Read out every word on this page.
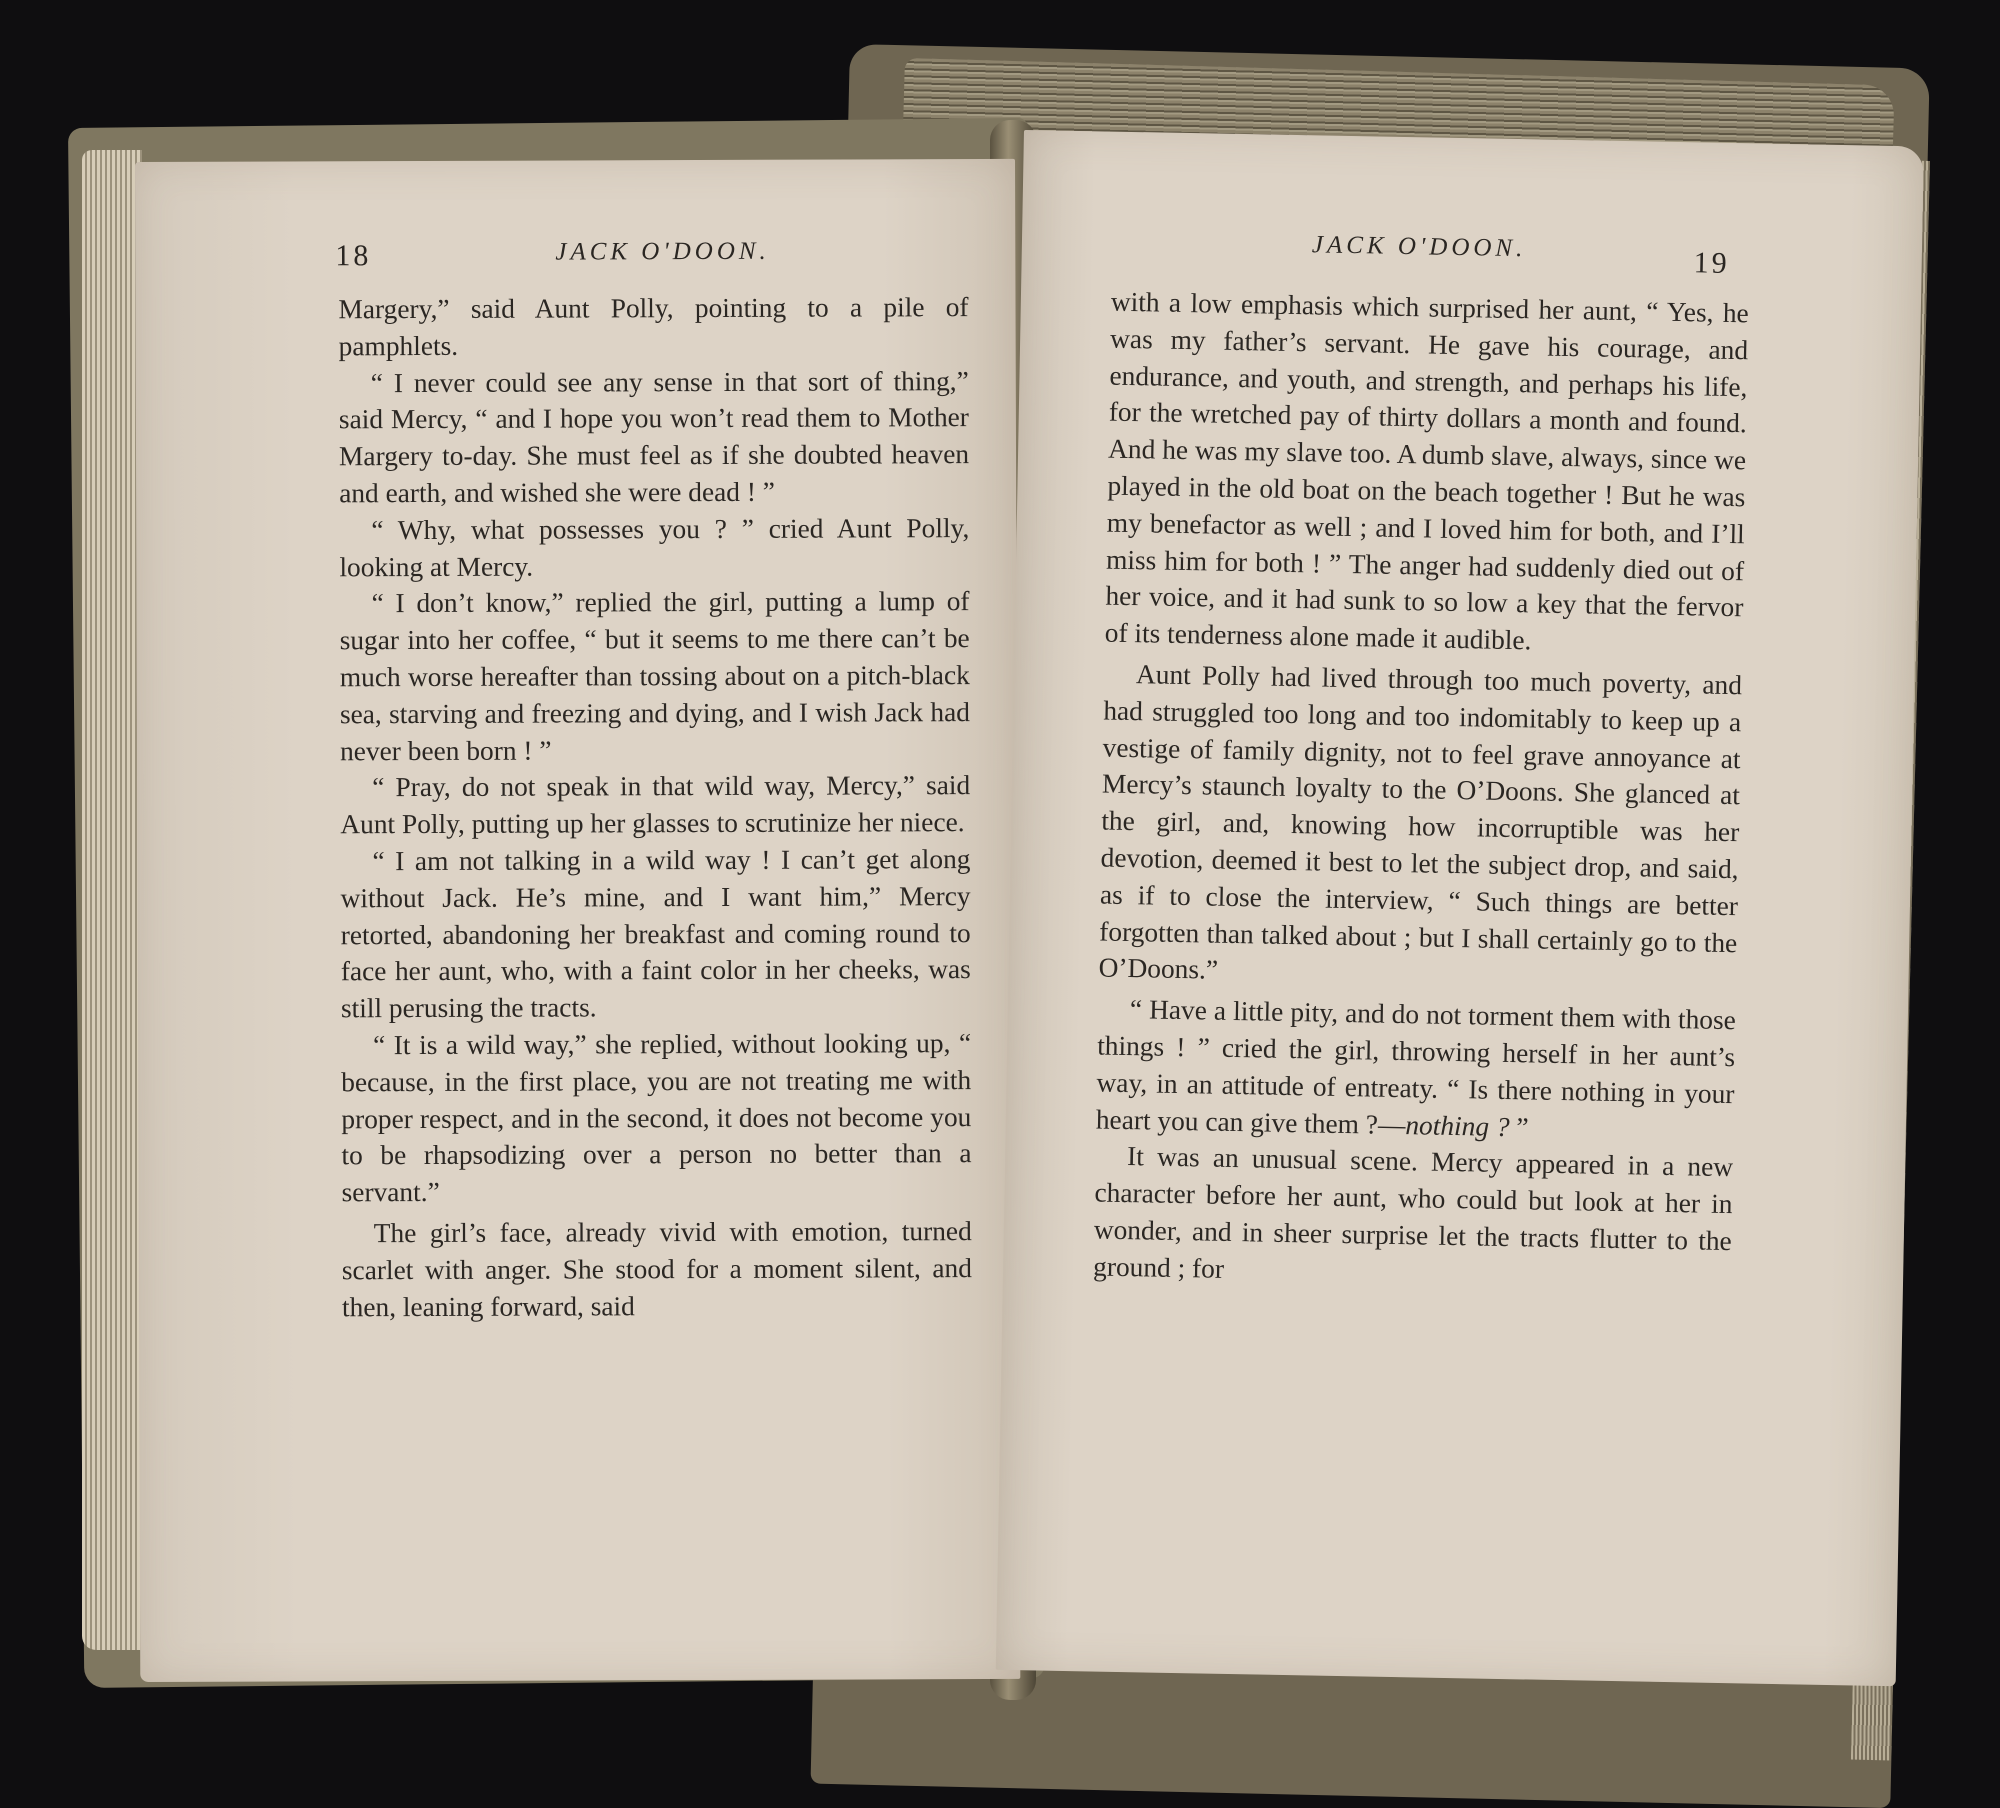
18	JACK O'DOON.

Margery,” said Aunt Polly, pointing to a pile of pamphlets.

“ I never could see any sense in that sort of thing,” said Mercy, “ and I hope you won’t read them to Mother Margery to-day. She must feel as if she doubted heaven and earth, and wished she were dead ! ”

“ Why, what possesses you ? ” cried Aunt Polly, looking at Mercy.

“ I don’t know,” replied the girl, putting a lump of sugar into her coffee, “ but it seems to me there can’t be much worse hereafter than tossing about on a pitch-black sea, starving and freezing and dying, and I wish Jack had never been born ! ”

“ Pray, do not speak in that wild way, Mercy,” said Aunt Polly, putting up her glasses to scrutinize her niece.

“ I am not talking in a wild way ! I can’t get along without Jack. He’s mine, and I want him,” Mercy retorted, abandoning her breakfast and coming round to face her aunt, who, with a faint color in her cheeks, was still perusing the tracts.

“ It is a wild way,” she replied, without looking up, “ because, in the first place, you are not treating me with proper respect, and in the second, it does not become you to be rhapsodizing over a person no better than a servant.”

The girl’s face, already vivid with emotion, turned scarlet with anger. She stood for a moment silent, and then, leaning forward, said

JACK O'DOON.	19

with a low emphasis which surprised her aunt, “ Yes, he was my father’s servant. He gave his courage, and endurance, and youth, and strength, and perhaps his life, for the wretched pay of thirty dollars a month and found. And he was my slave too. A dumb slave, always, since we played in the old boat on the beach together ! But he was my benefactor as well ; and I loved him for both, and I’ll miss him for both ! ” The anger had suddenly died out of her voice, and it had sunk to so low a key that the fervor of its tenderness alone made it audible.

Aunt Polly had lived through too much poverty, and had struggled too long and too indomitably to keep up a vestige of family dignity, not to feel grave annoyance at Mercy’s staunch loyalty to the O’Doons. She glanced at the girl, and, knowing how incorruptible was her devotion, deemed it best to let the subject drop, and said, as if to close the interview, “ Such things are better forgotten than talked about ; but I shall certainly go to the O’Doons.”

“ Have a little pity, and do not torment them with those things ! ” cried the girl, throwing herself in her aunt’s way, in an attitude of entreaty. “ Is there nothing in your heart you can give them ?—nothing ? ”

It was an unusual scene. Mercy appeared in a new character before her aunt, who could but look at her in wonder, and in sheer surprise let the tracts flutter to the ground ; for
